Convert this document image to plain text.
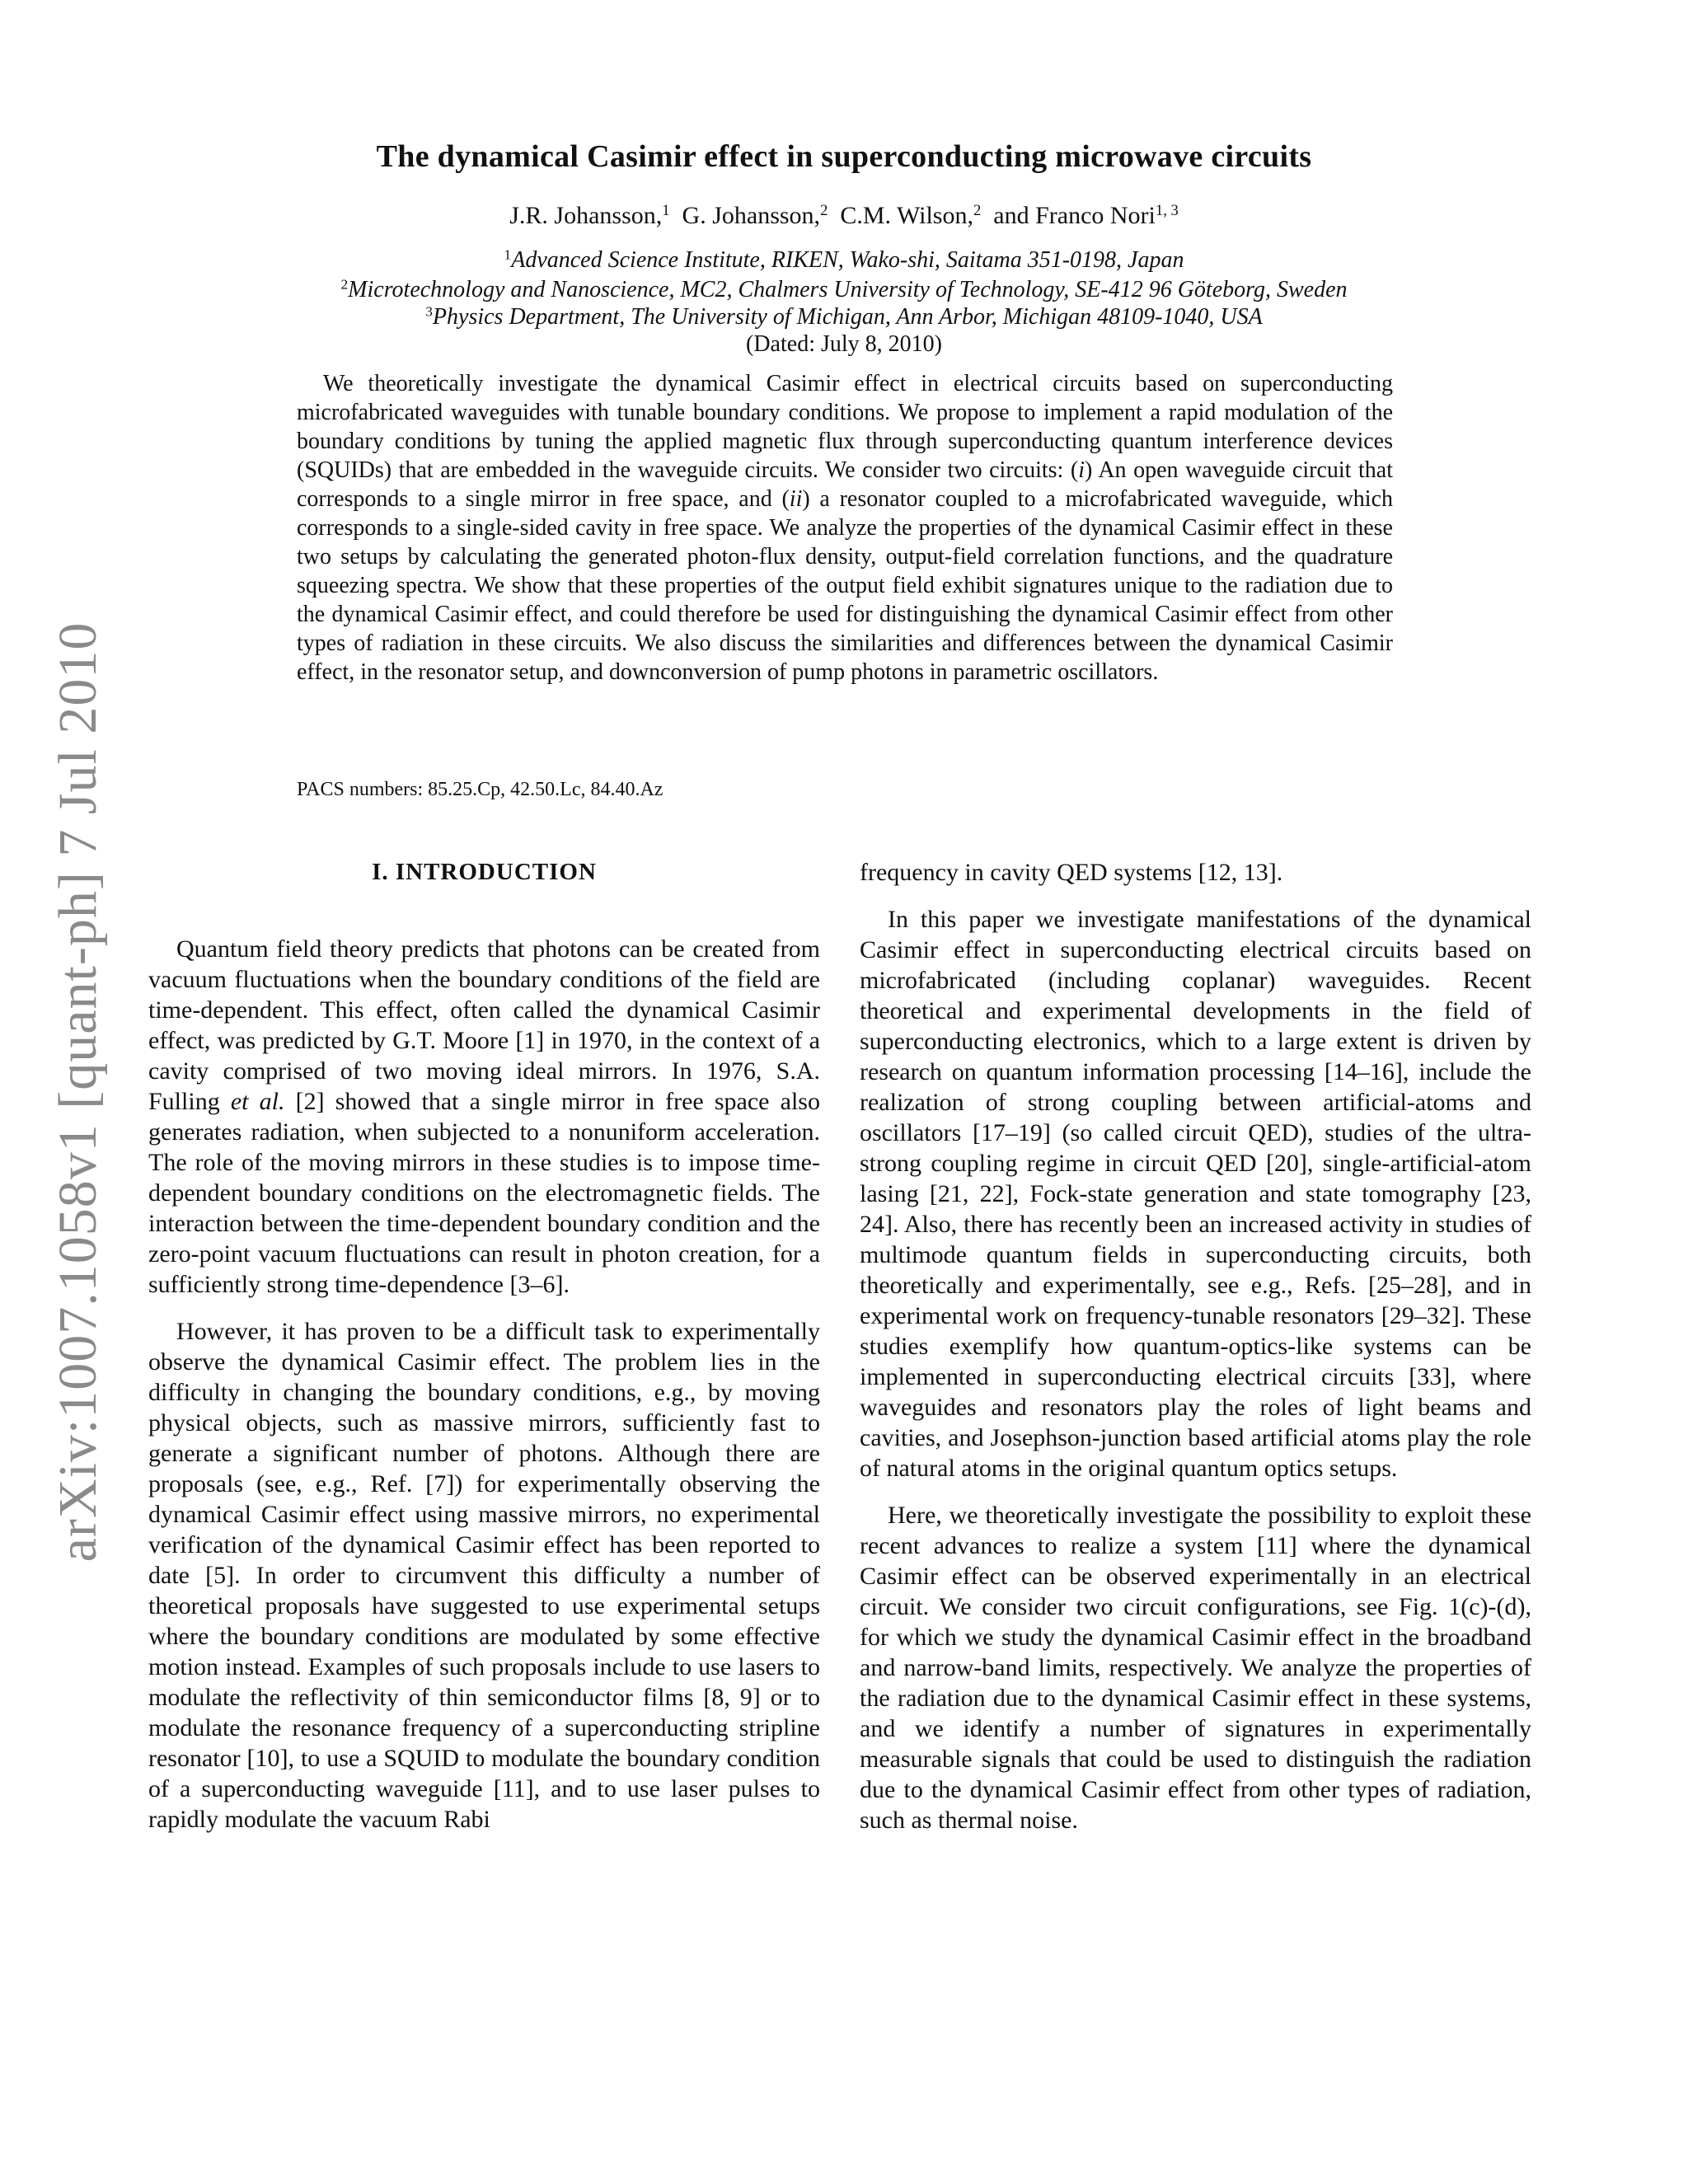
arXiv:1007.1058v1 [quant-ph] 7 Jul 2010
The dynamical Casimir effect in superconducting microwave circuits
J.R. Johansson,$^1$ G. Johansson,$^2$ C.M. Wilson,$^2$ and Franco Nori$^{1, 3}$
$^1$Advanced Science Institute, RIKEN, Wako-shi, Saitama 351-0198, Japan
$^2$Microtechnology and Nanoscience, MC2, Chalmers University of Technology, SE-412 96 Göteborg, Sweden
$^3$Physics Department, The University of Michigan, Ann Arbor, Michigan 48109-1040, USA
(Dated: July 8, 2010)
We theoretically investigate the dynamical Casimir effect in electrical circuits based on superconducting microfabricated waveguides with tunable boundary conditions. We propose to implement a rapid modulation of the boundary conditions by tuning the applied magnetic flux through superconducting quantum interference devices (SQUIDs) that are embedded in the waveguide circuits. We consider two circuits: (i) An open waveguide circuit that corresponds to a single mirror in free space, and (ii) a resonator coupled to a microfabricated waveguide, which corresponds to a single-sided cavity in free space. We analyze the properties of the dynamical Casimir effect in these two setups by calculating the generated photon-flux density, output-field correlation functions, and the quadrature squeezing spectra. We show that these properties of the output field exhibit signatures unique to the radiation due to the dynamical Casimir effect, and could therefore be used for distinguishing the dynamical Casimir effect from other types of radiation in these circuits. We also discuss the similarities and differences between the dynamical Casimir effect, in the resonator setup, and downconversion of pump photons in parametric oscillators.
PACS numbers: 85.25.Cp, 42.50.Lc, 84.40.Az
I. INTRODUCTION

Quantum field theory predicts that photons can be created from vacuum fluctuations when the boundary conditions of the field are time-dependent. This effect, often called the dynamical Casimir effect, was predicted by G.T. Moore [1] in 1970, in the context of a cavity comprised of two moving ideal mirrors. In 1976, S.A. Fulling et al. [2] showed that a single mirror in free space also generates radiation, when subjected to a nonuniform acceleration. The role of the moving mirrors in these studies is to impose time-dependent boundary conditions on the electromagnetic fields. The interaction between the time-dependent boundary condition and the zero-point vacuum fluctuations can result in photon creation, for a sufficiently strong time-dependence [3–6].

However, it has proven to be a difficult task to experimentally observe the dynamical Casimir effect. The problem lies in the difficulty in changing the boundary conditions, e.g., by moving physical objects, such as massive mirrors, sufficiently fast to generate a significant number of photons. Although there are proposals (see, e.g., Ref. [7]) for experimentally observing the dynamical Casimir effect using massive mirrors, no experimental verification of the dynamical Casimir effect has been reported to date [5]. In order to circumvent this difficulty a number of theoretical proposals have suggested to use experimental setups where the boundary conditions are modulated by some effective motion instead. Examples of such proposals include to use lasers to modulate the reflectivity of thin semiconductor films [8, 9] or to modulate the resonance frequency of a superconducting stripline resonator [10], to use a SQUID to modulate the boundary condition of a superconducting waveguide [11], and to use laser pulses to rapidly modulate the vacuum Rabi

frequency in cavity QED systems [12, 13].

In this paper we investigate manifestations of the dynamical Casimir effect in superconducting electrical circuits based on microfabricated (including coplanar) waveguides. Recent theoretical and experimental developments in the field of superconducting electronics, which to a large extent is driven by research on quantum information processing [14–16], include the realization of strong coupling between artificial-atoms and oscillators [17–19] (so called circuit QED), studies of the ultra-strong coupling regime in circuit QED [20], single-artificial-atom lasing [21, 22], Fock-state generation and state tomography [23, 24]. Also, there has recently been an increased activity in studies of multimode quantum fields in superconducting circuits, both theoretically and experimentally, see e.g., Refs. [25–28], and in experimental work on frequency-tunable resonators [29–32]. These studies exemplify how quantum-optics-like systems can be implemented in superconducting electrical circuits [33], where waveguides and resonators play the roles of light beams and cavities, and Josephson-junction based artificial atoms play the role of natural atoms in the original quantum optics setups.

Here, we theoretically investigate the possibility to exploit these recent advances to realize a system [11] where the dynamical Casimir effect can be observed experimentally in an electrical circuit. We consider two circuit configurations, see Fig. 1(c)-(d), for which we study the dynamical Casimir effect in the broadband and narrow-band limits, respectively. We analyze the properties of the radiation due to the dynamical Casimir effect in these systems, and we identify a number of signatures in experimentally measurable signals that could be used to distinguish the radiation due to the dynamical Casimir effect from other types of radiation, such as thermal noise.
